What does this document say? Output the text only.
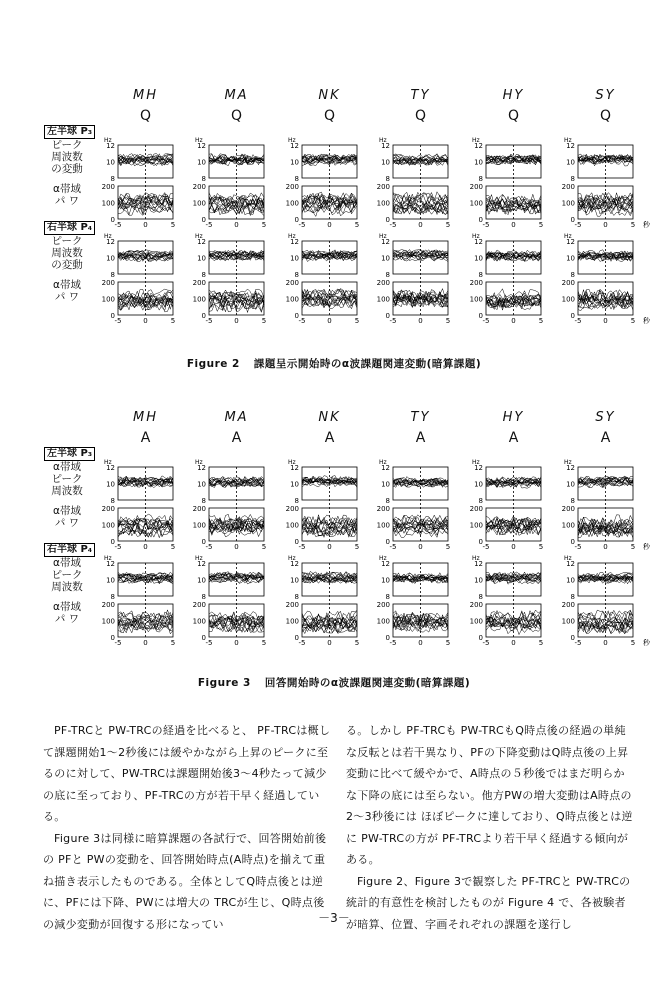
Hz
12
10
8
200
100
0
-5	0	5
Hz
12
10
8
200
100
0
-5	0	5
Hz
12
10
8
200
100
0
-5	0	5
Hz
12
10
8
200
100
0
-5	0	5
Hz
12
10
8
200
100
0
-5	0	5
Hz
12
10
8
200
100
0
-5	0	5 秒
Hz
12
10
8
200
100
0
-5	0	5
Hz
12
10
8
200
100
0
-5	0	5
Hz
12
10
8
200
100
0
-5	0	5
Hz
12
10
8
200
100
0
-5	0	5
Hz
12
10
8
200
100
0
-5	0	5
Hz
12
10
8
200
100
0
-5	0	5 秒
Figure 2 課題呈示開始時のα波課題関連変動(暗算課題)
MH
Q
MA
Q
NK
Q
TY
Q
HY
Q
SY
Q
左半球 P₃
ピーク
周波数
の変動
α帯域
パ ワ
右半球 P₄
ピーク
周波数
の変動
α帯域
パ ワ
Hz
12
10
8
200
100
0
-5	0	5
Hz
12
10
8
200
100
0
-5	0	5
Hz
12
10
8
200
100
0
-5	0	5
Hz
12
10
8
200
100
0
-5	0	5
Hz
12
10
8
200
100
0
-5	0	5
Hz
12
10
8
200
100
0
-5	0	5 秒
Hz
12
10
8
200
100
0
-5	0	5
Hz
12
10
8
200
100
0
-5	0	5
Hz
12
10
8
200
100
0
-5	0	5
Hz
12
10
8
200
100
0
-5	0	5
Hz
12
10
8
200
100
0
-5	0	5
Hz
12
10
8
200
100
0
-5	0	5 秒
Figure 3 回答開始時のα波課題関連変動(暗算課題)
MH
A
MA
A
NK
A
TY
A
HY
A
SY
A
左半球 P₃
α帯域
ピーク
周波数
α帯域
パ ワ
右半球 P₄
α帯域
ピーク
周波数
α帯域
パ ワ

PF-TRCと PW-TRCの経過を比べると、 PF-TRCは概して課題開始1～2秒後には緩やかながら上昇のピークに至るのに対して、PW-TRCは課題開始後3～4秒たって減少の底に至っており、PF-TRCの方が若干早く経過している。

Figure 3は同様に暗算課題の各試行で、回答開始前後の PFと PWの変動を、回答開始時点(A時点)を揃えて重ね描き表示したものである。全体としてQ時点後とは逆に、PFには下降、PWには増大の TRCが生じ、Q時点後の減少変動が回復する形になってい

る。しかし PF-TRCも PW-TRCもQ時点後の経過の単純な反転とは若干異なり、PFの下降変動はQ時点後の上昇変動に比べて緩やかで、A時点の５秒後ではまだ明らかな下降の底には至らない。他方PWの増大変動はA時点の 2～3秒後には ほぼピークに達しており、Q時点後とは逆に PW-TRCの方が PF-TRCより若干早く経過する傾向がある。

Figure 2、Figure 3で観察した PF-TRCと PW-TRCの統計的有意性を検討したものが Figure 4 で、各被験者が暗算、位置、字画それぞれの課題を遂行し

－3－
